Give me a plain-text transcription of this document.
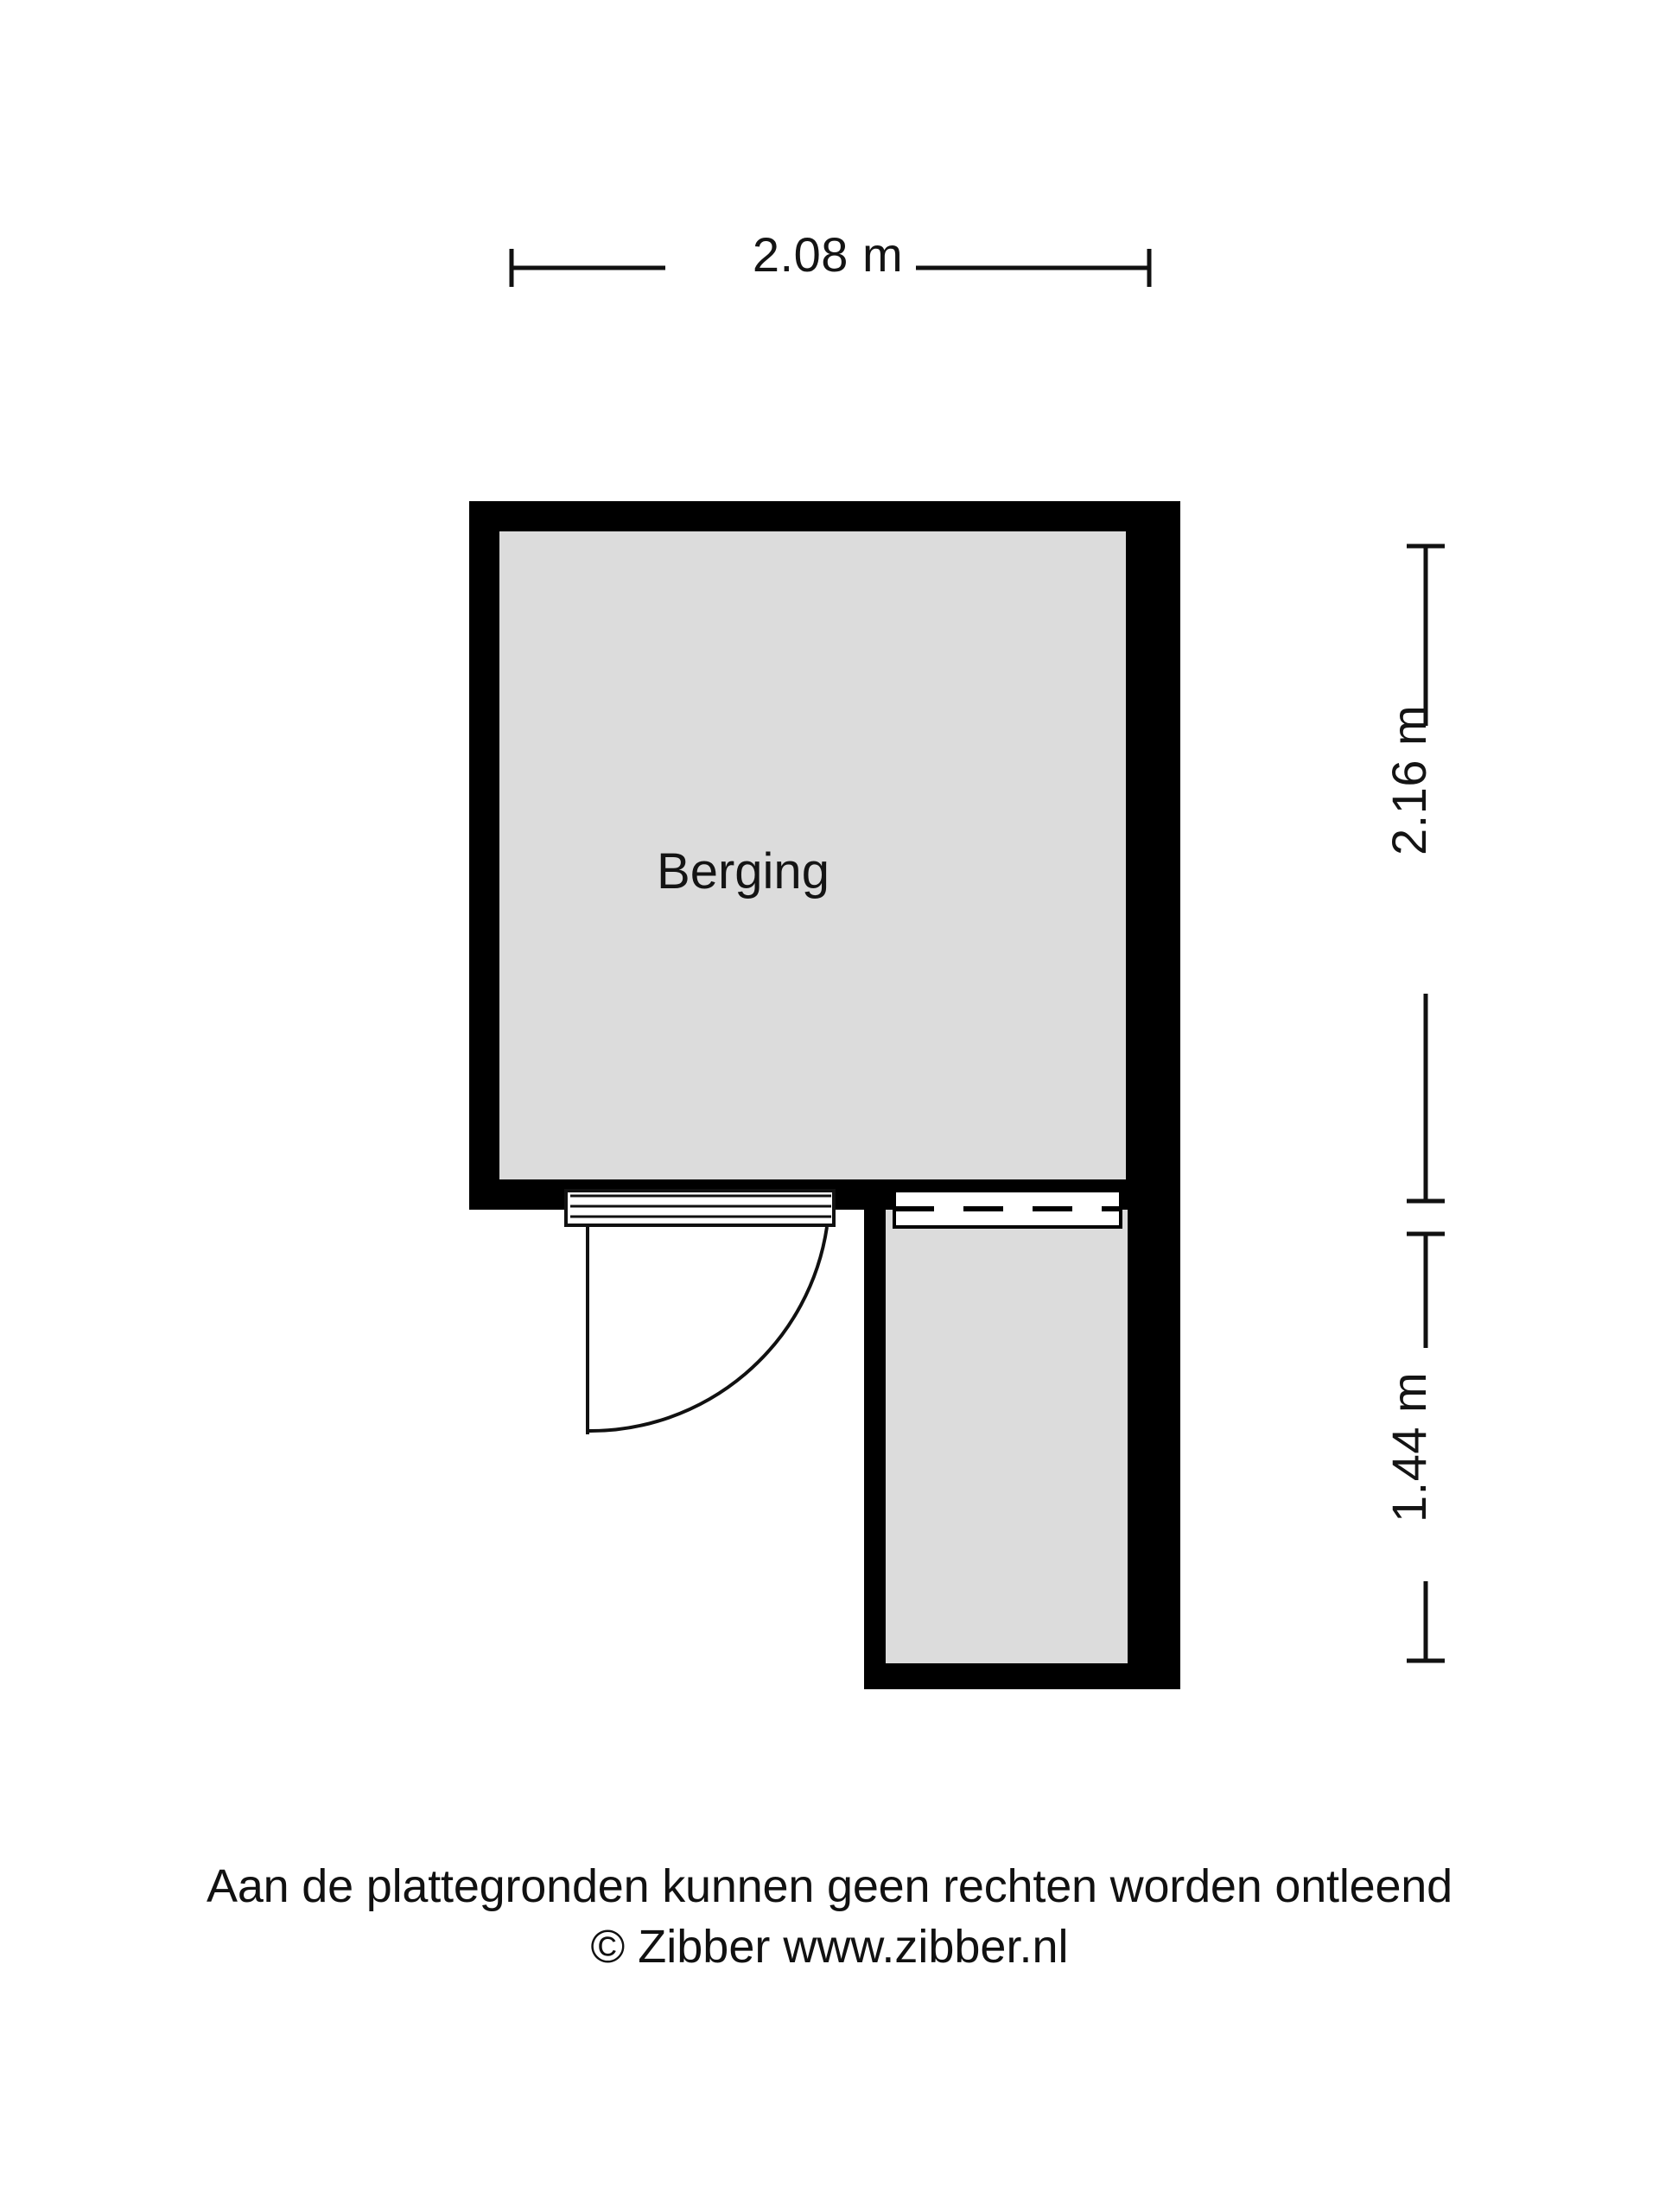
2.08 m
2.16 m
1.44 m
Berging
Aan de plattegronden kunnen geen rechten worden ontleend
© Zibber www.zibber.nl
